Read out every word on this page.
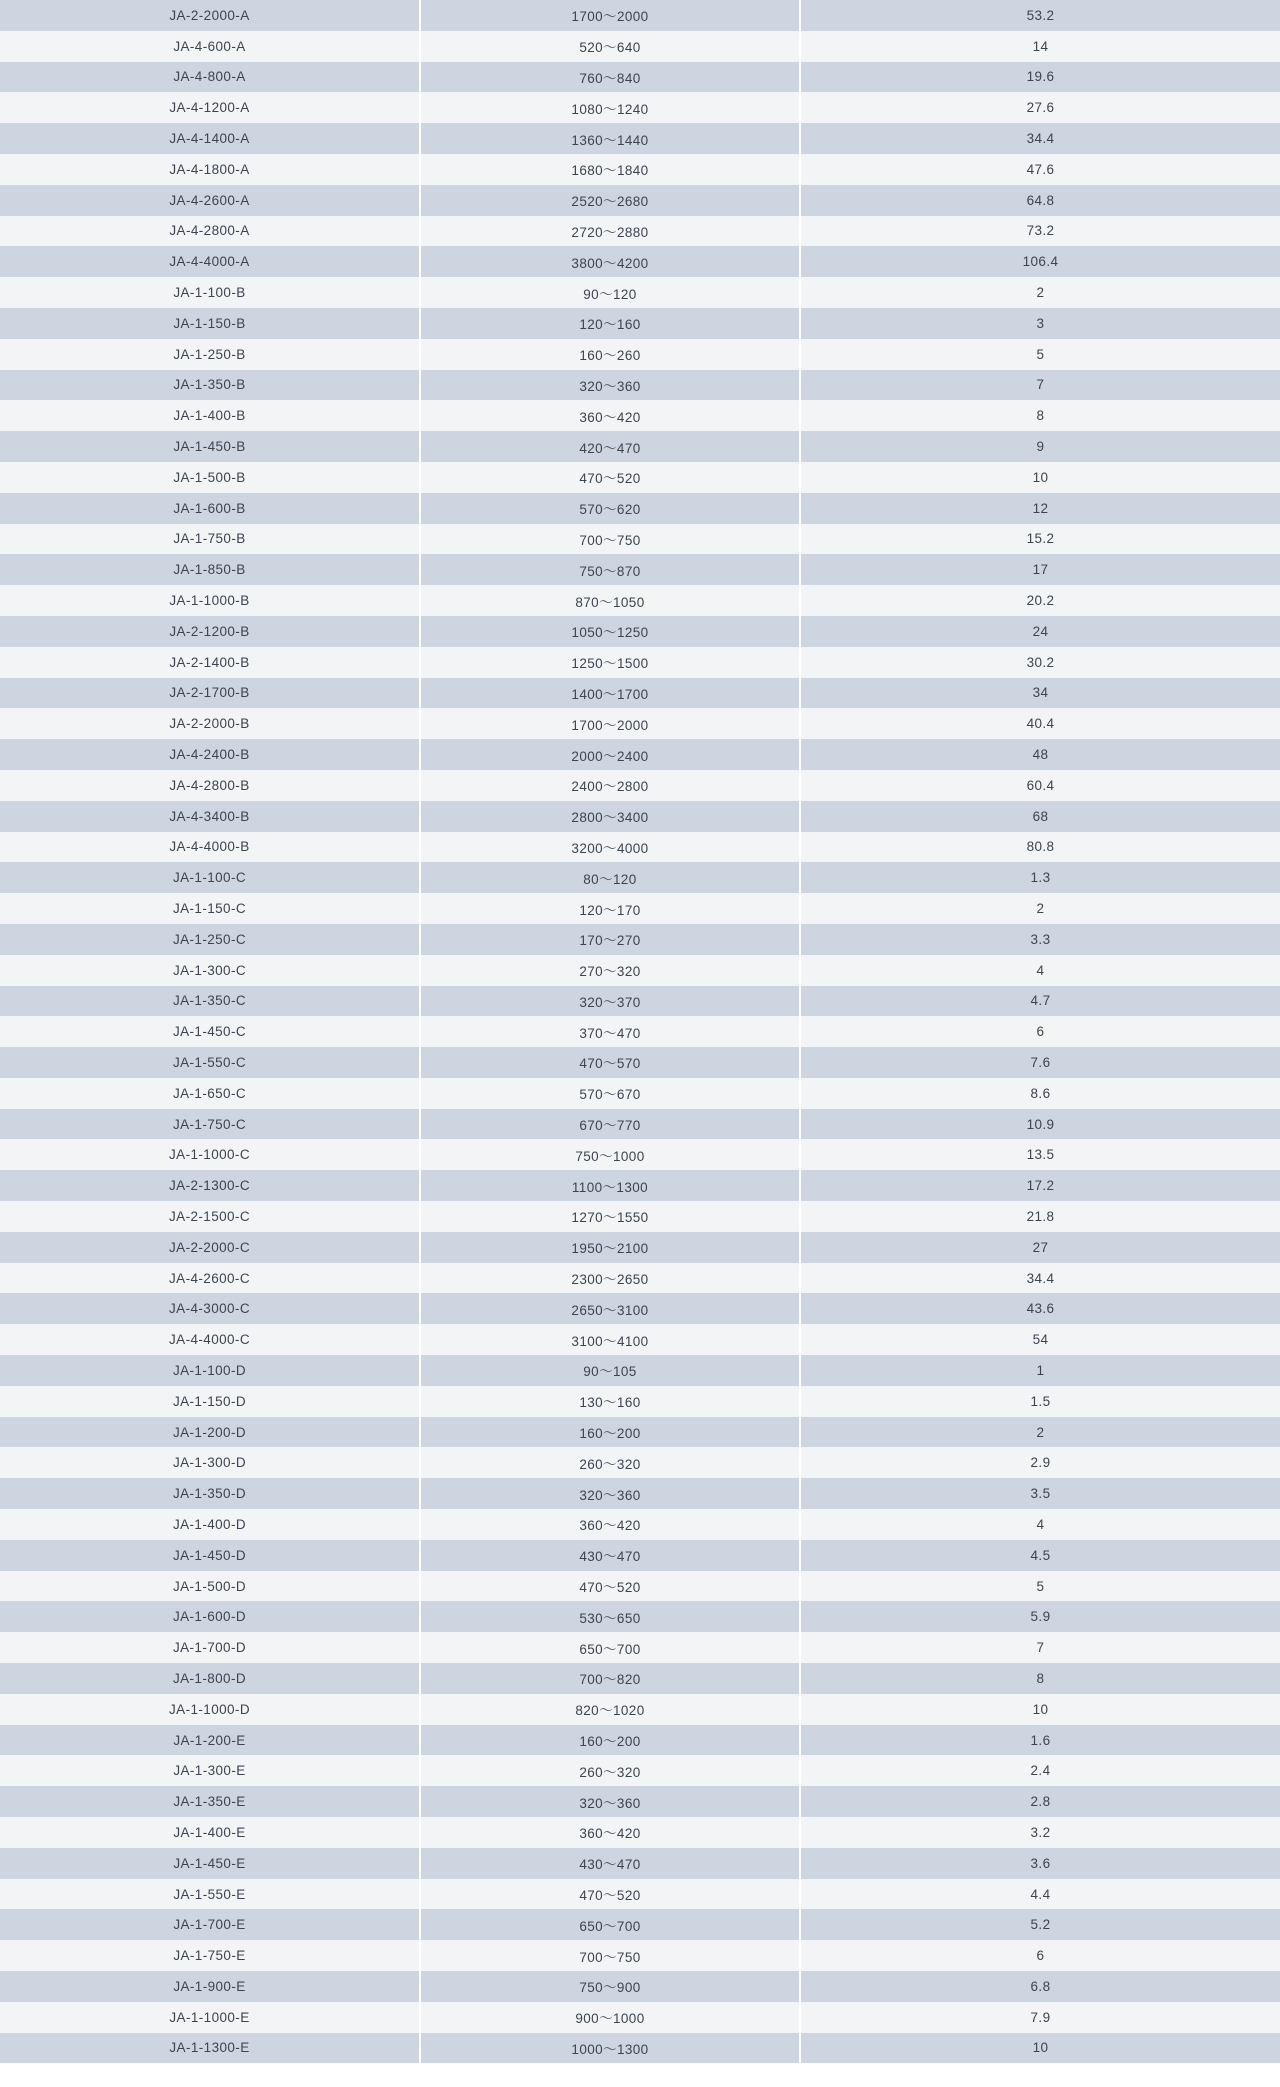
JA-2-2000-A	1700～2000	53.2
JA-4-600-A	520～640	14
JA-4-800-A	760～840	19.6
JA-4-1200-A	1080～1240	27.6
JA-4-1400-A	1360～1440	34.4
JA-4-1800-A	1680～1840	47.6
JA-4-2600-A	2520～2680	64.8
JA-4-2800-A	2720～2880	73.2
JA-4-4000-A	3800～4200	106.4
JA-1-100-B	90～120	2
JA-1-150-B	120～160	3
JA-1-250-B	160～260	5
JA-1-350-B	320～360	7
JA-1-400-B	360～420	8
JA-1-450-B	420～470	9
JA-1-500-B	470～520	10
JA-1-600-B	570～620	12
JA-1-750-B	700～750	15.2
JA-1-850-B	750～870	17
JA-1-1000-B	870～1050	20.2
JA-2-1200-B	1050～1250	24
JA-2-1400-B	1250～1500	30.2
JA-2-1700-B	1400～1700	34
JA-2-2000-B	1700～2000	40.4
JA-4-2400-B	2000～2400	48
JA-4-2800-B	2400～2800	60.4
JA-4-3400-B	2800～3400	68
JA-4-4000-B	3200～4000	80.8
JA-1-100-C	80～120	1.3
JA-1-150-C	120～170	2
JA-1-250-C	170～270	3.3
JA-1-300-C	270～320	4
JA-1-350-C	320～370	4.7
JA-1-450-C	370～470	6
JA-1-550-C	470～570	7.6
JA-1-650-C	570～670	8.6
JA-1-750-C	670～770	10.9
JA-1-1000-C	750～1000	13.5
JA-2-1300-C	1100～1300	17.2
JA-2-1500-C	1270～1550	21.8
JA-2-2000-C	1950～2100	27
JA-4-2600-C	2300～2650	34.4
JA-4-3000-C	2650～3100	43.6
JA-4-4000-C	3100～4100	54
JA-1-100-D	90～105	1
JA-1-150-D	130～160	1.5
JA-1-200-D	160～200	2
JA-1-300-D	260～320	2.9
JA-1-350-D	320～360	3.5
JA-1-400-D	360～420	4
JA-1-450-D	430～470	4.5
JA-1-500-D	470～520	5
JA-1-600-D	530～650	5.9
JA-1-700-D	650～700	7
JA-1-800-D	700～820	8
JA-1-1000-D	820～1020	10
JA-1-200-E	160～200	1.6
JA-1-300-E	260～320	2.4
JA-1-350-E	320～360	2.8
JA-1-400-E	360～420	3.2
JA-1-450-E	430～470	3.6
JA-1-550-E	470～520	4.4
JA-1-700-E	650～700	5.2
JA-1-750-E	700～750	6
JA-1-900-E	750～900	6.8
JA-1-1000-E	900～1000	7.9
JA-1-1300-E	1000～1300	10
